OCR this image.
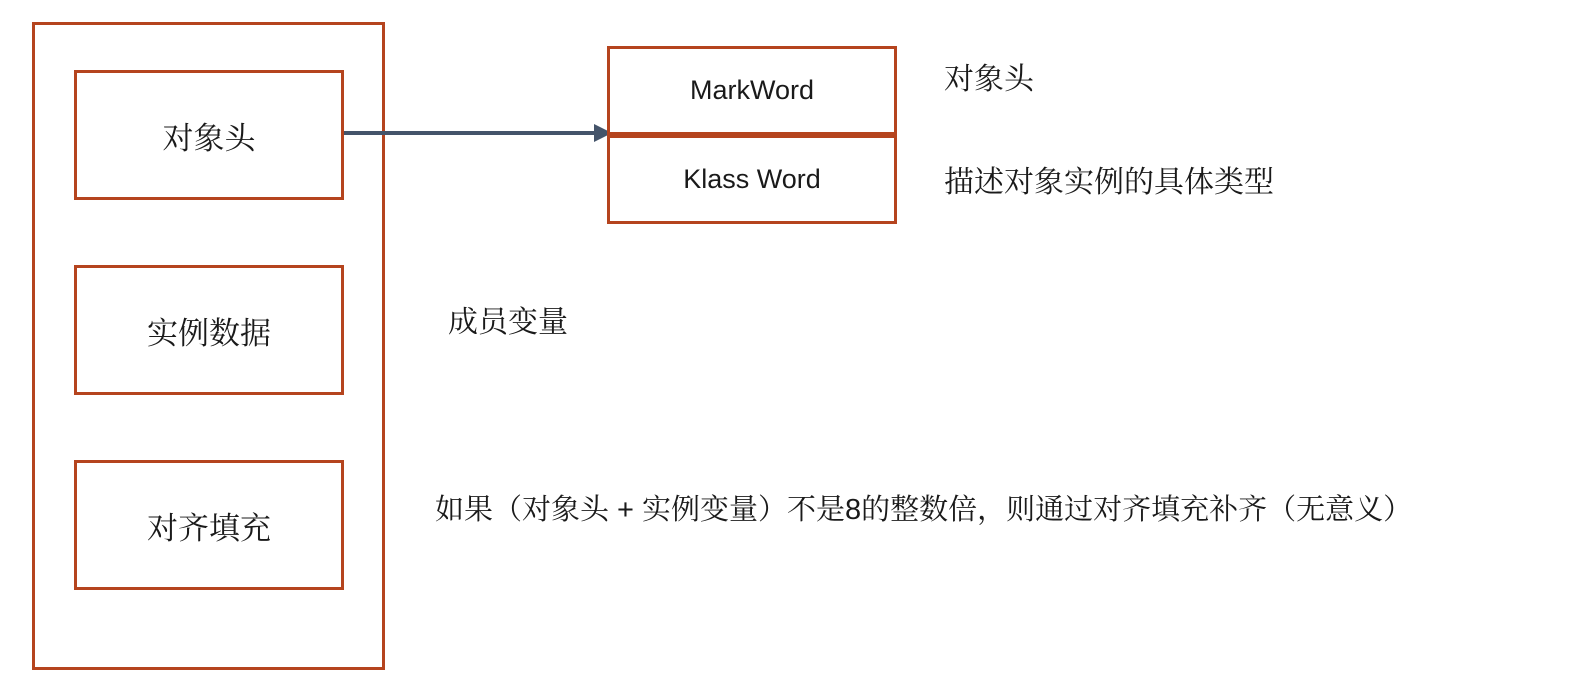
对象头
实例数据
对齐填充
MarkWord
Klass Word
对象头
描述对象实例的具体类型
成员变量
如果（对象头 + 实例变量）不是8的整数倍，则通过对齐填充补齐（无意义）
